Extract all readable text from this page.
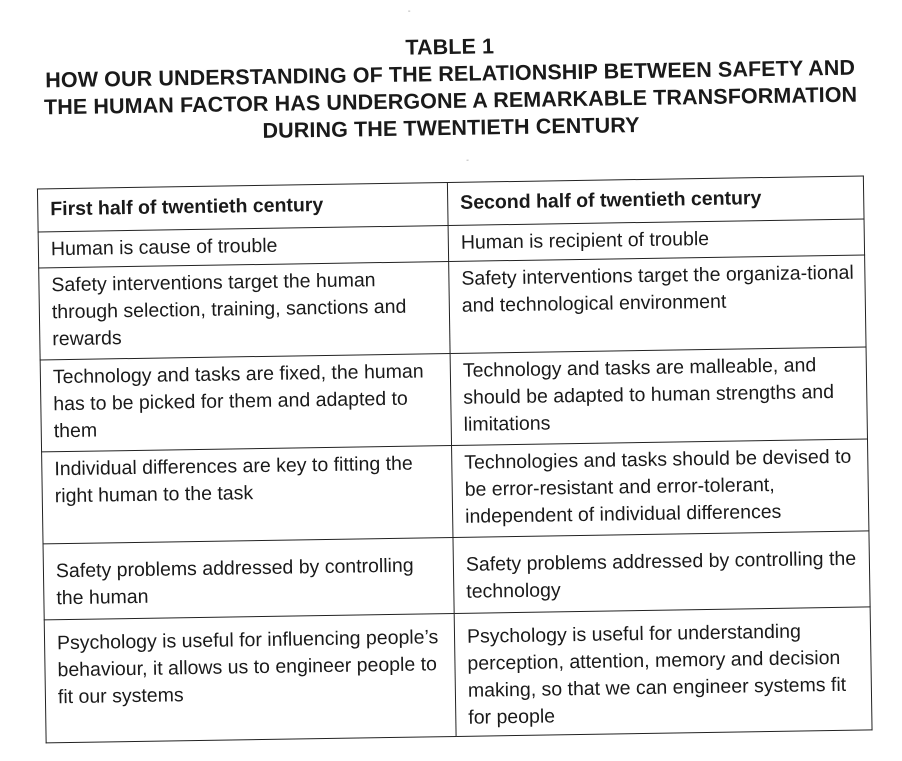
TABLE 1
HOW OUR UNDERSTANDING OF THE RELATIONSHIP BETWEEN SAFETY AND THE HUMAN FACTOR HAS UNDERGONE A REMARKABLE TRANSFORMATION DURING THE TWENTIETH CENTURY
First half of twentieth century	Second half of twentieth century
Human is cause of trouble	Human is recipient of trouble
Safety interventions target the human through selection, training, sanctions and rewards	Safety interventions target the organiza-tional and technological environment
Technology and tasks are fixed, the human has to be picked for them and adapted to them	Technology and tasks are malleable, and should be adapted to human strengths and limitations
Individual differences are key to fitting the right human to the task	Technologies and tasks should be devised to be error-resistant and error-tolerant, independent of individual differences
Safety problems addressed by controlling the human	Safety problems addressed by controlling the technology
Psychology is useful for influencing people’s behaviour, it allows us to engineer people to fit our systems	Psychology is useful for understanding perception, attention, memory and decision making, so that we can engineer systems fit for people
